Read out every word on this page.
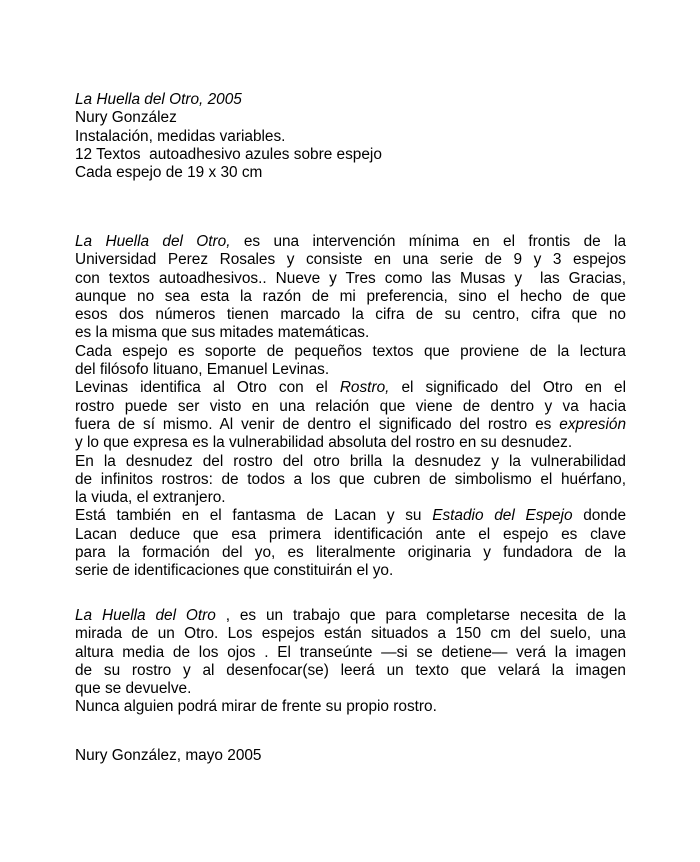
La Huella del Otro, 2005
Nury González
Instalación, medidas variables.
12 Textos  autoadhesivo azules sobre espejo
Cada espejo de 19 x 30 cm
La Huella del Otro, es una intervención mínima en el frontis de la
Universidad Perez Rosales y consiste en una serie de 9 y 3 espejos
con textos autoadhesivos.. Nueve y Tres como las Musas y  las Gracias,
aunque no sea esta la razón de mi preferencia, sino el hecho de que
esos dos números tienen marcado la cifra de su centro, cifra que no
es la misma que sus mitades matemáticas.
Cada espejo es soporte de pequeños textos que proviene de la lectura
del filósofo lituano, Emanuel Levinas.
Levinas identifica al Otro con el Rostro, el significado del Otro en el
rostro puede ser visto en una relación que viene de dentro y va hacia
fuera de sí mismo. Al venir de dentro el significado del rostro es expresión
y lo que expresa es la vulnerabilidad absoluta del rostro en su desnudez.
En la desnudez del rostro del otro brilla la desnudez y la vulnerabilidad
de infinitos rostros: de todos a los que cubren de simbolismo el huérfano,
la viuda, el extranjero.
Está también en el fantasma de Lacan y su Estadio del Espejo donde
Lacan deduce que esa primera identificación ante el espejo es clave
para la formación del yo, es literalmente originaria y fundadora de la
serie de identificaciones que constituirán el yo.
La Huella del Otro , es un trabajo que para completarse necesita de la
mirada de un Otro. Los espejos están situados a 150 cm del suelo, una
altura media de los ojos . El transeúnte —si se detiene— verá la imagen
de su rostro y al desenfocar(se) leerá un texto que velará la imagen
que se devuelve.
Nunca alguien podrá mirar de frente su propio rostro.
Nury González, mayo 2005
